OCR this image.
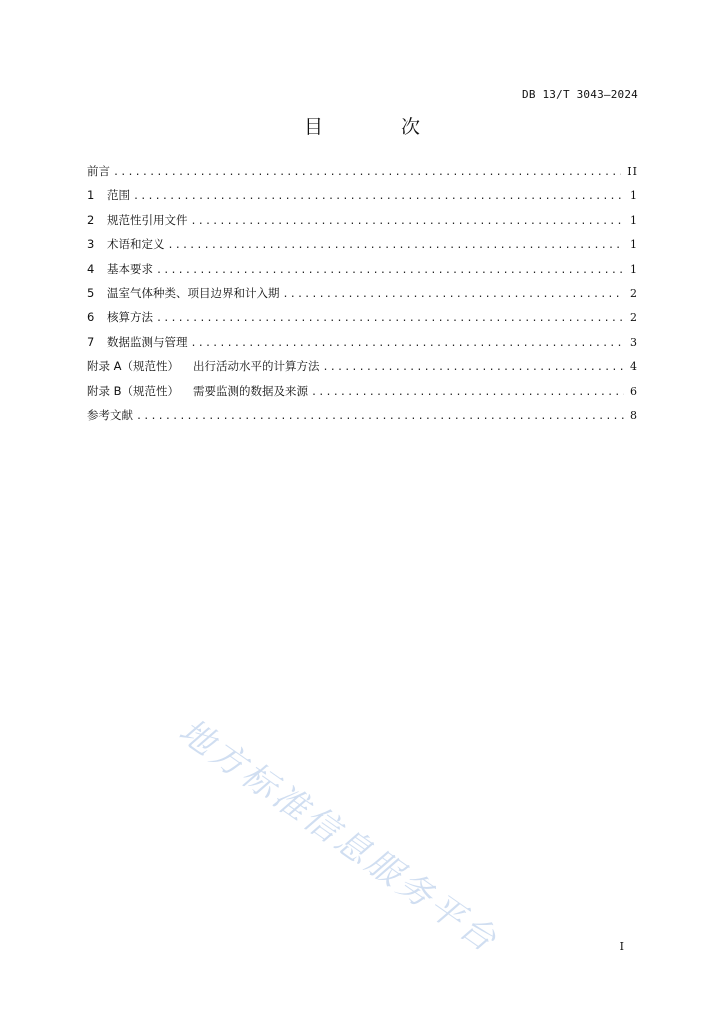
DB 13/T 3043—2024
目 次
前言 .....	II
1	范围 .....	1
2	规范性引用文件 .....	1
3	术语和定义 .....	1
4	基本要求 .....	1
5	温室气体种类、项目边界和计入期 .....	2
6	核算方法 .....	2
7	数据监测与管理 .....	3
附录 A（规范性） 出行活动水平的计算方法 .....	4
附录 B（规范性） 需要监测的数据及来源 .....	6
参考文献 .....	8
地方标准信息服务平台	I
